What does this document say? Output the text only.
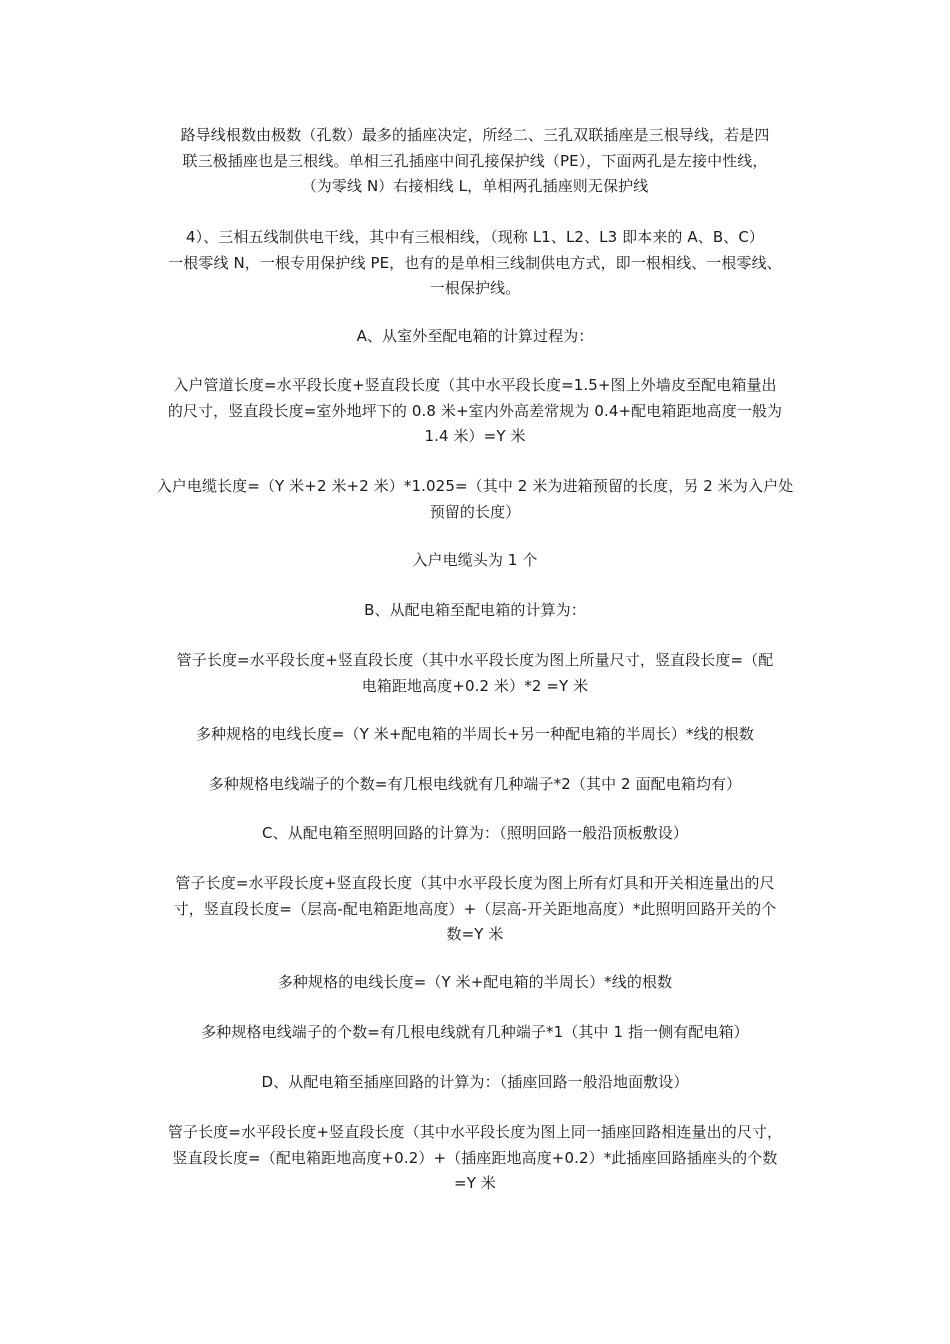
路导线根数由极数（孔数）最多的插座决定，所经二、三孔双联插座是三根导线，若是四
联三极插座也是三根线。单相三孔插座中间孔接保护线（PE），下面两孔是左接中性线，
（为零线 N）右接相线 L，单相两孔插座则无保护线

4）、三相五线制供电干线，其中有三根相线，（现称 L1、L2、L3 即本来的 A、B、C）
一根零线 N，一根专用保护线 PE，也有的是单相三线制供电方式，即一根相线、一根零线、
一根保护线。

A、从室外至配电箱的计算过程为：

入户管道长度=水平段长度+竖直段长度（其中水平段长度=1.5+图上外墙皮至配电箱量出
的尺寸，竖直段长度=室外地坪下的 0.8 米+室内外高差常规为 0.4+配电箱距地高度一般为
1.4 米）=Y 米

入户电缆长度=（Y 米+2 米+2 米）*1.025=（其中 2 米为进箱预留的长度，另 2 米为入户处
预留的长度）

入户电缆头为 1 个

B、从配电箱至配电箱的计算为：

管子长度=水平段长度+竖直段长度（其中水平段长度为图上所量尺寸，竖直段长度=（配
电箱距地高度+0.2 米）*2 =Y 米

多种规格的电线长度=（Y 米+配电箱的半周长+另一种配电箱的半周长）*线的根数

多种规格电线端子的个数=有几根电线就有几种端子*2（其中 2 面配电箱均有）

C、从配电箱至照明回路的计算为：（照明回路一般沿顶板敷设）

管子长度=水平段长度+竖直段长度（其中水平段长度为图上所有灯具和开关相连量出的尺
寸，竖直段长度=（层高-配电箱距地高度）+（层高-开关距地高度）*此照明回路开关的个
数=Y 米

多种规格的电线长度=（Y 米+配电箱的半周长）*线的根数

多种规格电线端子的个数=有几根电线就有几种端子*1（其中 1 指一侧有配电箱）

D、从配电箱至插座回路的计算为：（插座回路一般沿地面敷设）

管子长度=水平段长度+竖直段长度（其中水平段长度为图上同一插座回路相连量出的尺寸，
竖直段长度=（配电箱距地高度+0.2）+（插座距地高度+0.2）*此插座回路插座头的个数
=Y 米
